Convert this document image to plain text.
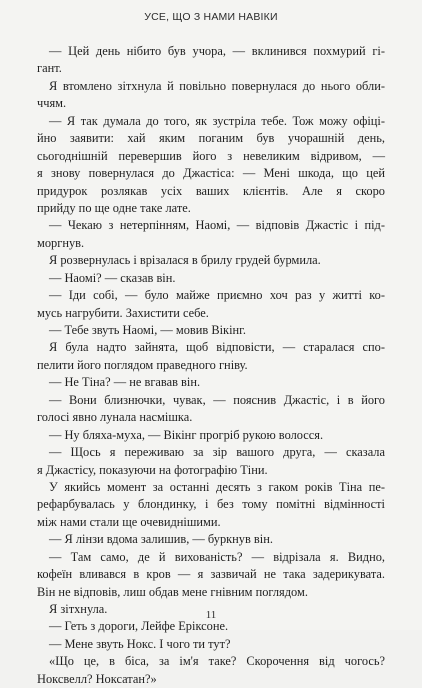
УСЕ, ЩО З НАМИ НАВІКИ
— Цей день нібито був учора, — вклинився похмурий гі-
гант.
Я втомлено зітхнула й повільно повернулася до нього обли-
ччям.
— Я так думала до того, як зустріла тебе. Тож можу офіці-
йно заявити: хай яким поганим був учорашній день,
сьогоднішній перевершив його з невеликим відривом, —
я знову повернулася до Джастіса: — Мені шкода, що цей
придурок розлякав усіх ваших клієнтів. Але я скоро
прийду по ще одне таке лате.
— Чекаю з нетерпінням, Наомі, — відповів Джастіс і під-
моргнув.
Я розвернулась і врізалася в брилу грудей бурмила.
— Наомі? — сказав він.
— Іди собі, — було майже приємно хоч раз у житті ко-
мусь нагрубити. Захистити себе.
— Тебе звуть Наомі, — мовив Вікінг.
Я була надто зайнята, щоб відповісти, — старалася спо-
пелити його поглядом праведного гніву.
— Не Тіна? — не вгавав він.
— Вони близнючки, чувак, — пояснив Джастіс, і в його
голосі явно лунала насмішка.
— Ну бляха-муха, — Вікінг прогріб рукою волосся.
— Щось я переживаю за зір вашого друга, — сказала
я Джастісу, показуючи на фотографію Тіни.
У якийсь момент за останні десять з гаком років Тіна пе-
рефарбувалась у блондинку, і без тому помітні відмінності
між нами стали ще очевиднішими.
— Я лінзи вдома залишив, — буркнув він.
— Там само, де й вихованість? — відрізала я. Видно,
кофеїн вливався в кров — я зазвичай не така задерикувата.
Він не відповів, лиш обдав мене гнівним поглядом.
Я зітхнула.
— Геть з дороги, Лейфе Еріксоне.
— Мене звуть Нокс. І чого ти тут?
«Що це, в біса, за ім'я таке? Скорочення від чогось?
Ноксвелл? Ноксатан?»
11
